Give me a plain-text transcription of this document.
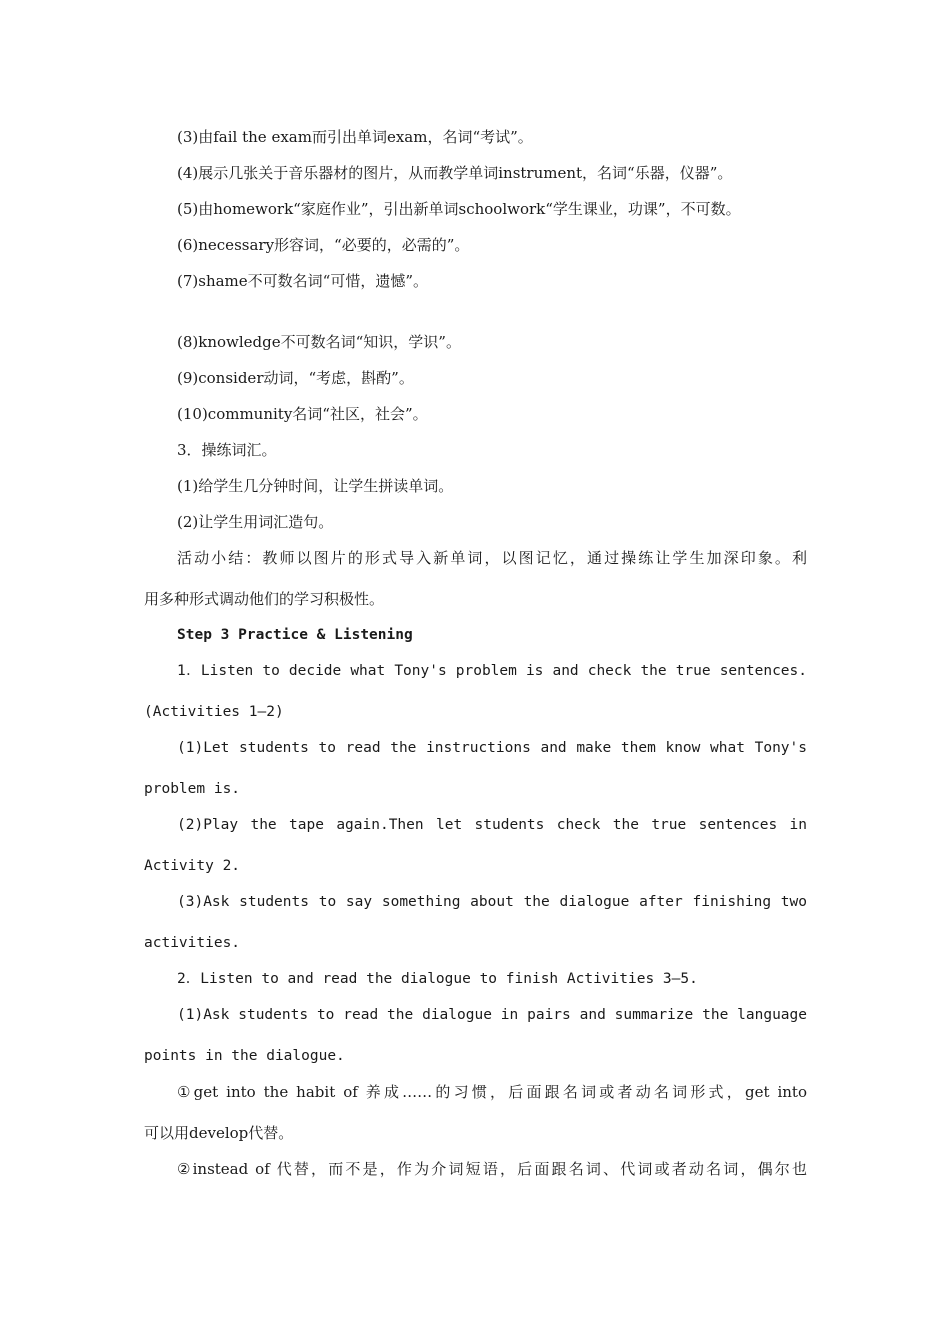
(3)由fail the exam而引出单词exam，名词“考试”。
(4)展示几张关于音乐器材的图片，从而教学单词instrument，名词“乐器，仪器”。
(5)由homework“家庭作业”，引出新单词schoolwork“学生课业，功课”，不可数。
(6)necessary形容词，“必要的，必需的”。
(7)shame不可数名词“可惜，遗憾”。
(8)knowledge不可数名词“知识，学识”。
(9)consider动词，“考虑，斟酌”。
(10)community名词“社区，社会”。
3．操练词汇。
(1)给学生几分钟时间，让学生拼读单词。
(2)让学生用词汇造句。
活动小结：教师以图片的形式导入新单词，以图记忆，通过操练让学生加深印象。利
用多种形式调动他们的学习积极性。
Step 3 Practice & Listening
1．Listen to decide what Tony's problem is and check the true sentences.
(Activities 1—2)
(1)Let students to read the instructions and make them know what Tony's
problem is.
(2)Play the tape again.Then let students check the true sentences in
Activity 2.
(3)Ask students to say something about the dialogue after finishing two
activities.
2．Listen to and read the dialogue to finish Activities 3—5.
(1)Ask students to read the dialogue in pairs and summarize the language
points in the dialogue.
①get into the habit of 养成……的习惯，后面跟名词或者动名词形式，get into
可以用develop代替。
②instead of 代替，而不是，作为介词短语，后面跟名词、代词或者动名词，偶尔也
